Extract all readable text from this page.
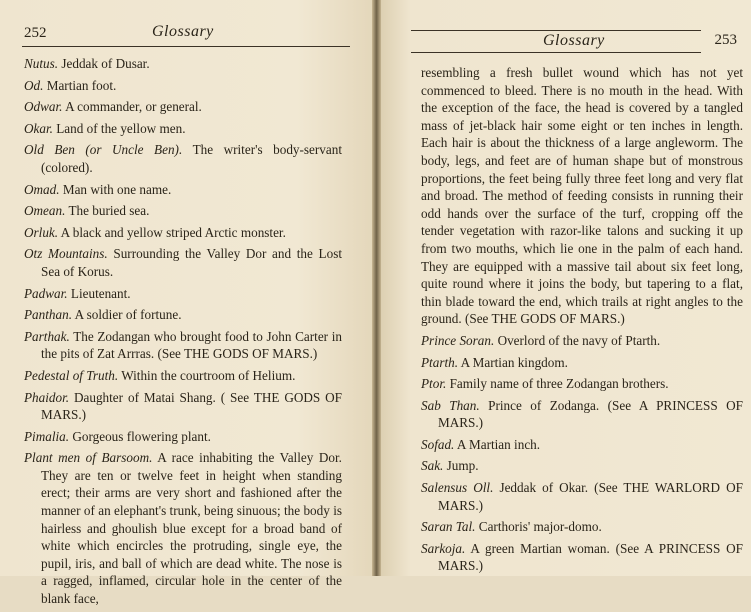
252	Glossary
Nutus. Jeddak of Dusar.
Od. Martian foot.
Odwar. A commander, or general.
Okar. Land of the yellow men.
Old Ben (or Uncle Ben). The writer's body-servant (colored).
Omad. Man with one name.
Omean. The buried sea.
Orluk. A black and yellow striped Arctic monster.
Otz Mountains. Surrounding the Valley Dor and the Lost Sea of Korus.
Padwar. Lieutenant.
Panthan. A soldier of fortune.
Parthak. The Zodangan who brought food to John Carter in the pits of Zat Arrras. (See THE GODS OF MARS.)
Pedestal of Truth. Within the courtroom of Helium.
Phaidor. Daughter of Matai Shang. ( See THE GODS OF MARS.)
Pimalia. Gorgeous flowering plant.
Plant men of Barsoom. A race inhabiting the Valley Dor. They are ten or twelve feet in height when standing erect; their arms are very short and fashioned after the manner of an elephant's trunk, being sinuous; the body is hairless and ghoulish blue except for a broad band of white which encircles the protruding, single eye, the pupil, iris, and ball of which are dead white. The nose is a ragged, inflamed, circular hole in the center of the blank face,
Glossary	253
resembling a fresh bullet wound which has not yet commenced to bleed. There is no mouth in the head. With the exception of the face, the head is covered by a tangled mass of jet-black hair some eight or ten inches in length. Each hair is about the thickness of a large angleworm. The body, legs, and feet are of human shape but of monstrous proportions, the feet being fully three feet long and very flat and broad. The method of feeding consists in running their odd hands over the surface of the turf, cropping off the tender vegetation with razor-like talons and sucking it up from two mouths, which lie one in the palm of each hand. They are equipped with a massive tail about six feet long, quite round where it joins the body, but tapering to a flat, thin blade toward the end, which trails at right angles to the ground. (See THE GODS OF MARS.)
Prince Soran. Overlord of the navy of Ptarth.
Ptarth. A Martian kingdom.
Ptor. Family name of three Zodangan brothers.
Sab Than. Prince of Zodanga. (See A PRINCESS OF MARS.)
Sofad. A Martian inch.
Sak. Jump.
Salensus Oll. Jeddak of Okar. (See THE WARLORD OF MARS.)
Saran Tal. Carthoris' major-domo.
Sarkoja. A green Martian woman. (See A PRINCESS OF MARS.)
